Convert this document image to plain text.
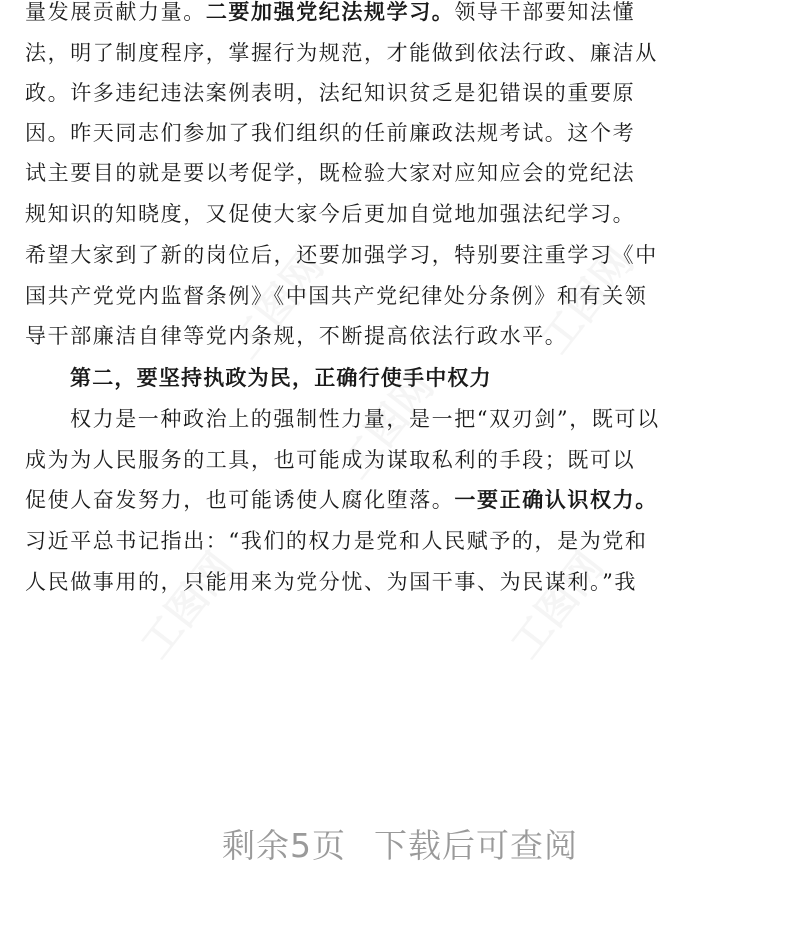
工图网
工图网
工图网
工图网	工图网
量发展贡献力量。二要加强党纪法规学习。领导干部要知法懂
法，明了制度程序，掌握行为规范，才能做到依法行政、廉洁从
政。许多违纪违法案例表明，法纪知识贫乏是犯错误的重要原
因。昨天同志们参加了我们组织的任前廉政法规考试。这个考
试主要目的就是要以考促学，既检验大家对应知应会的党纪法
规知识的知晓度，又促使大家今后更加自觉地加强法纪学习。
希望大家到了新的岗位后，还要加强学习，特别要注重学习《中
国共产党党内监督条例》《中国共产党纪律处分条例》和有关领
导干部廉洁自律等党内条规，不断提高依法行政水平。
第二，要坚持执政为民，正确行使手中权力
权力是一种政治上的强制性力量，是一把“双刃剑”，既可以
成为为人民服务的工具，也可能成为谋取私利的手段；既可以
促使人奋发努力，也可能诱使人腐化堕落。一要正确认识权力。
习近平总书记指出：“我们的权力是党和人民赋予的，是为党和
人民做事用的，只能用来为党分忧、为国干事、为民谋利。”我
剩余5页 下载后可查阅
